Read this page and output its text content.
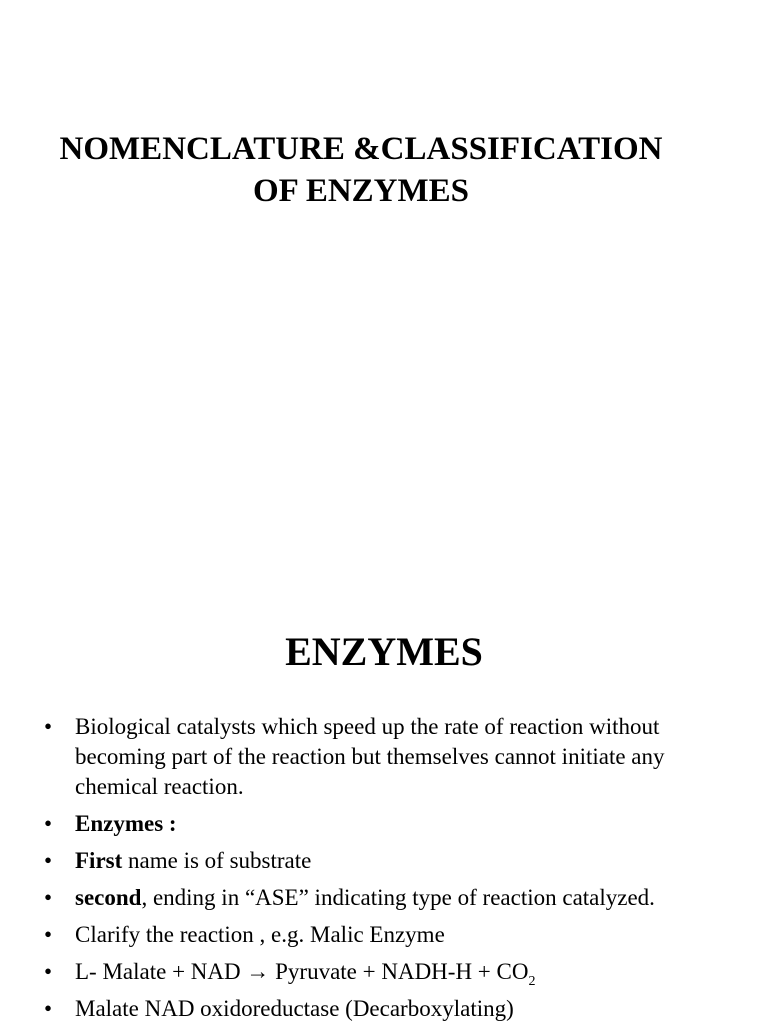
NOMENCLATURE &CLASSIFICATION
OF ENZYMES
ENZYMES
• Biological catalysts which speed up the rate of reaction without becoming part of the reaction but themselves cannot initiate any chemical reaction.
• Enzymes :
• First name is of substrate
• second, ending in “ASE” indicating type of reaction catalyzed.
• Clarify the reaction , e.g. Malic Enzyme
• L- Malate + NAD → Pyruvate + NADH-H + $CO_2$
• Malate NAD oxidoreductase (Decarboxylating)
